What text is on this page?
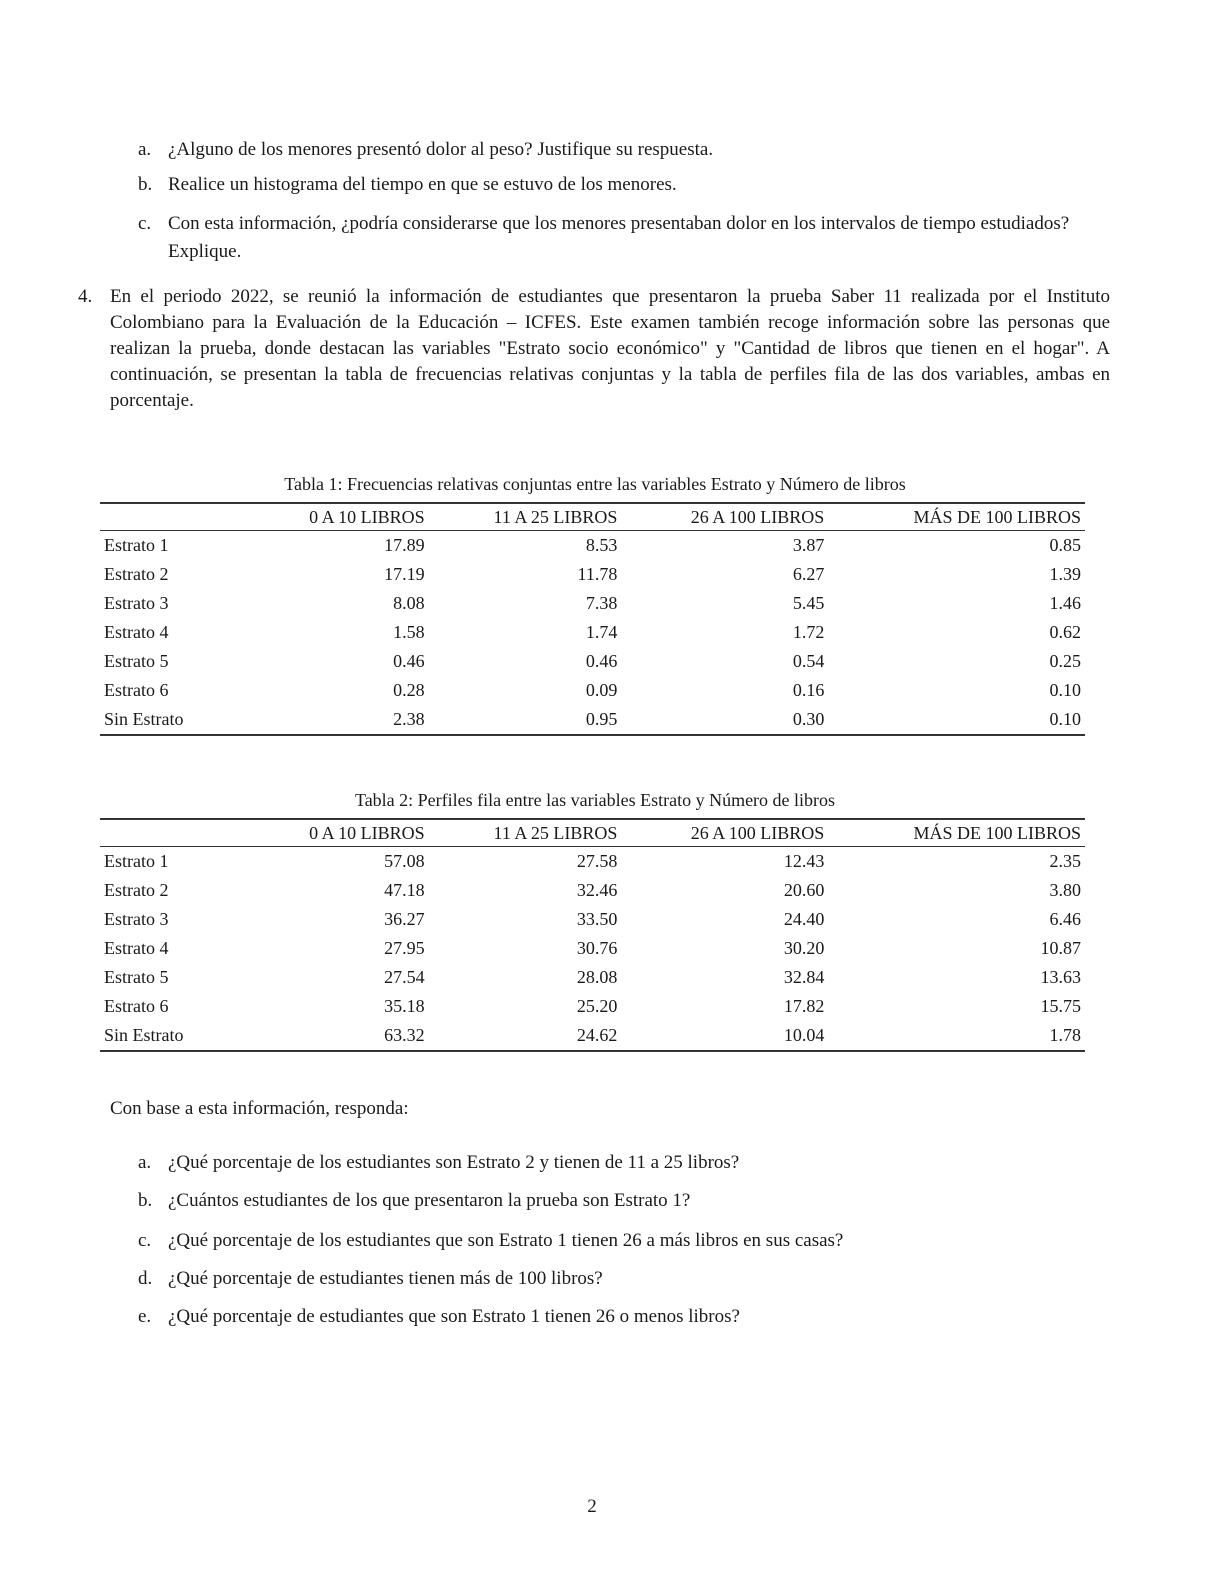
a. ¿Alguno de los menores presentó dolor al peso? Justifique su respuesta.

b. Realice un histograma del tiempo en que se estuvo de los menores.

c. Con esta información, ¿podría considerarse que los menores presentaban dolor en los intervalos de tiempo estudiados? Explique.
4. En el periodo 2022, se reunió la información de estudiantes que presentaron la prueba Saber 11 realizada por el Instituto Colombiano para la Evaluación de la Educación – ICFES. Este examen también recoge información sobre las personas que realizan la prueba, donde destacan las variables "Estrato socio económico" y "Cantidad de libros que tienen en el hogar". A continuación, se presentan la tabla de frecuencias relativas conjuntas y la tabla de perfiles fila de las dos variables, ambas en porcentaje.
Tabla 1: Frecuencias relativas conjuntas entre las variables Estrato y Número de libros
	0 A 10 LIBROS	11 A 25 LIBROS	26 A 100 LIBROS	MÁS DE 100 LIBROS
Estrato 1	17.89	8.53	3.87	0.85
Estrato 2	17.19	11.78	6.27	1.39
Estrato 3	8.08	7.38	5.45	1.46
Estrato 4	1.58	1.74	1.72	0.62
Estrato 5	0.46	0.46	0.54	0.25
Estrato 6	0.28	0.09	0.16	0.10
Sin Estrato	2.38	0.95	0.30	0.10
Tabla 2: Perfiles fila entre las variables Estrato y Número de libros
	0 A 10 LIBROS	11 A 25 LIBROS	26 A 100 LIBROS	MÁS DE 100 LIBROS
Estrato 1	57.08	27.58	12.43	2.35
Estrato 2	47.18	32.46	20.60	3.80
Estrato 3	36.27	33.50	24.40	6.46
Estrato 4	27.95	30.76	30.20	10.87
Estrato 5	27.54	28.08	32.84	13.63
Estrato 6	35.18	25.20	17.82	15.75
Sin Estrato	63.32	24.62	10.04	1.78

Con base a esta información, responda:

a. ¿Qué porcentaje de los estudiantes son Estrato 2 y tienen de 11 a 25 libros?

b. ¿Cuántos estudiantes de los que presentaron la prueba son Estrato 1?

c. ¿Qué porcentaje de los estudiantes que son Estrato 1 tienen 26 a más libros en sus casas?

d. ¿Qué porcentaje de estudiantes tienen más de 100 libros?

e. ¿Qué porcentaje de estudiantes que son Estrato 1 tienen 26 o menos libros?

2
